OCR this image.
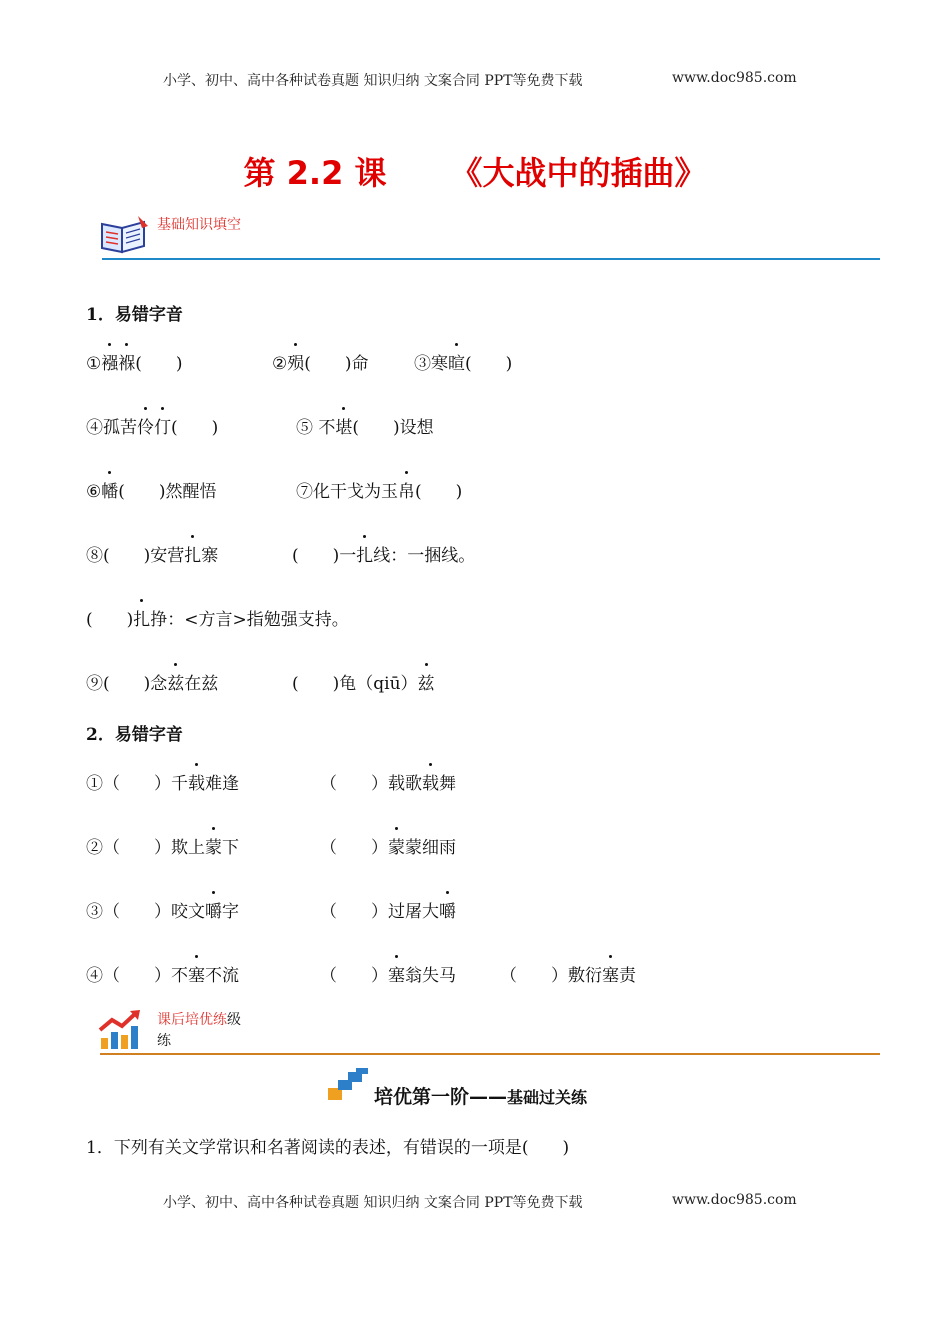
小学、初中、高中各种试卷真题 知识归纳 文案合同 PPT等免费下载	www.doc985.com
第 2.2 课 《大战中的插曲》
基础知识填空
1．易错字音
①襁褓(　　)	②殒(　　)命	③寒暄(　　)
④孤苦伶仃(　　)	⑤ 不堪(　　)设想
⑥幡(　　)然醒悟	⑦化干戈为玉帛(　　)
⑧(　　)安营扎寨	(　　)一扎线：一捆线。
(　　)扎挣：<方言>指勉强支持。
⑨(　　)念兹在兹	(　　)龟（qiū）兹
2．易错字音
①（　　）千载难逢	（　　）载歌载舞
②（　　）欺上蒙下	（　　）蒙蒙细雨
③（　　）咬文嚼字	（　　）过屠大嚼
④（　　）不塞不流	（　　）塞翁失马	（　　）敷衍塞责
课后培优练级
练
培优第一阶——基础过关练
1．下列有关文学常识和名著阅读的表述，有错误的一项是(　　)
小学、初中、高中各种试卷真题 知识归纳 文案合同 PPT等免费下载	www.doc985.com
